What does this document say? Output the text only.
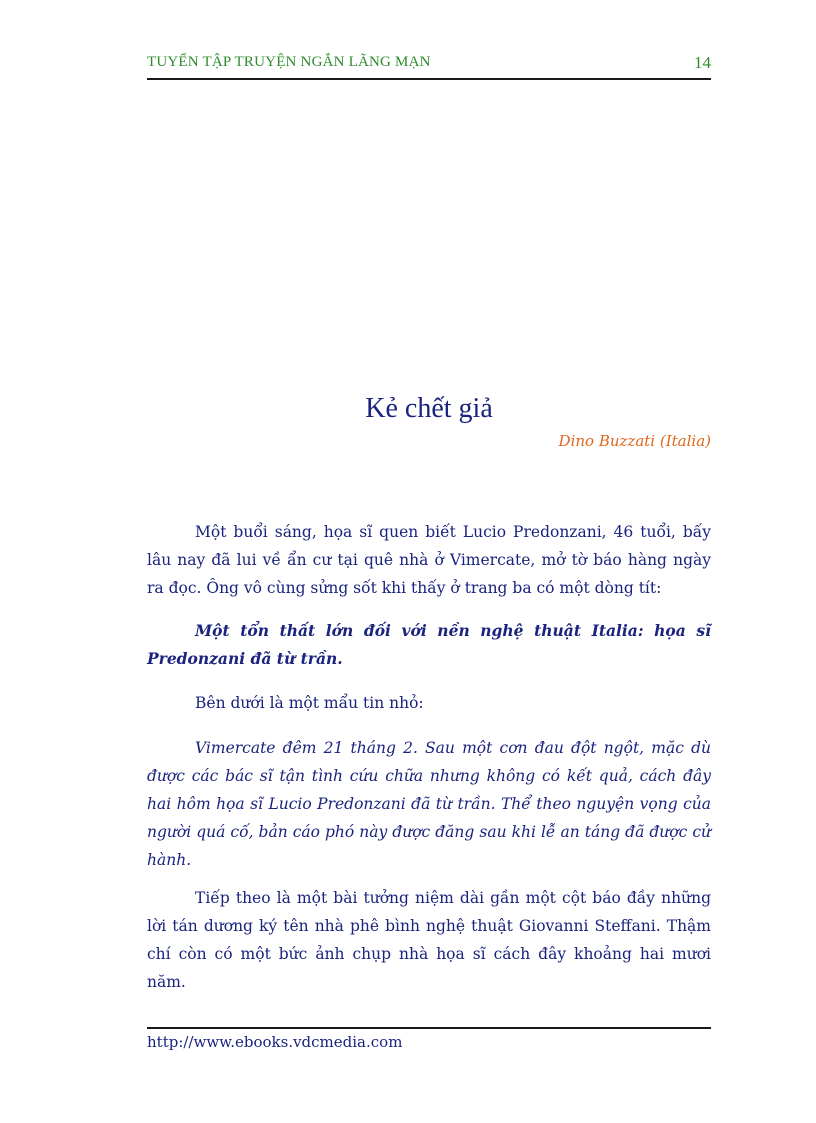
TUYỂN TẬP TRUYỆN NGẮN LÃNG MẠN	14
Kẻ chết giả
Dino Buzzati (Italia)

Một buổi sáng, họa sĩ quen biết Lucio Predonzani, 46 tuổi, bấy lâu nay đã lui về ẩn cư tại quê nhà ở Vimercate, mở tờ báo hàng ngày ra đọc. Ông vô cùng sửng sốt khi thấy ở trang ba có một dòng tít:

Một tổn thất lớn đối với nền nghệ thuật Italia: họa sĩ Predonzani đã từ trần.

Bên dưới là một mẩu tin nhỏ:

Vimercate đêm 21 tháng 2. Sau một cơn đau đột ngột, mặc dù được các bác sĩ tận tình cứu chữa nhưng không có kết quả, cách đây hai hôm họa sĩ Lucio Predonzani đã từ trần. Thể theo nguyện vọng của người quá cố, bản cáo phó này được đăng sau khi lễ an táng đã được cử hành.

Tiếp theo là một bài tưởng niệm dài gần một cột báo đầy những lời tán dương ký tên nhà phê bình nghệ thuật Giovanni Steffani. Thậm chí còn có một bức ảnh chụp nhà họa sĩ cách đây khoảng hai mươi năm.

http://www.ebooks.vdcmedia.com
